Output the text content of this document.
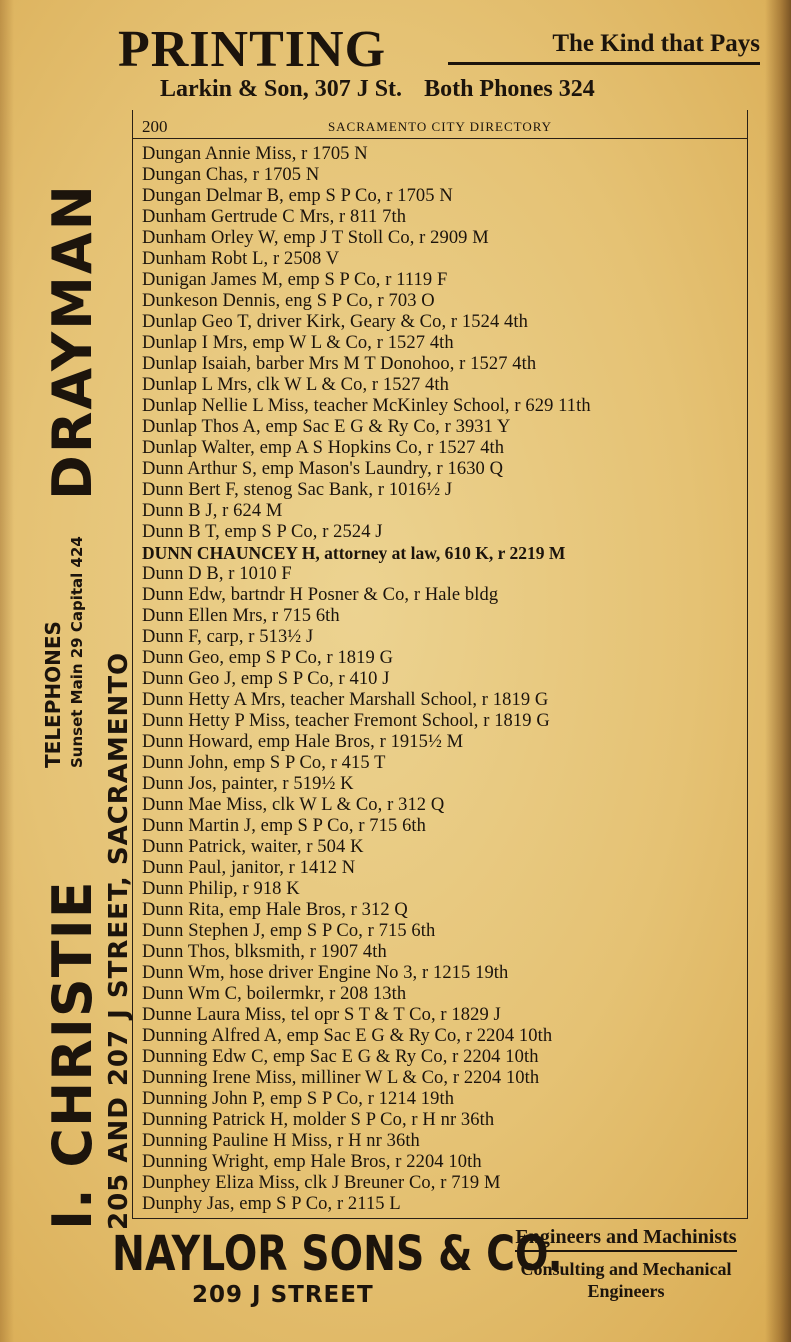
PRINTING	The Kind that Pays
Larkin & Son, 307 J St. Both Phones 324
200	SACRAMENTO CITY DIRECTORY
Dungan Annie Miss, r 1705 N
Dungan Chas, r 1705 N
Dungan Delmar B, emp S P Co, r 1705 N
Dunham Gertrude C Mrs, r 811 7th
Dunham Orley W, emp J T Stoll Co, r 2909 M
Dunham Robt L, r 2508 V
Dunigan James M, emp S P Co, r 1119 F
Dunkeson Dennis, eng S P Co, r 703 O
Dunlap Geo T, driver Kirk, Geary & Co, r 1524 4th
Dunlap I Mrs, emp W L & Co, r 1527 4th
Dunlap Isaiah, barber Mrs M T Donohoo, r 1527 4th
Dunlap L Mrs, clk W L & Co, r 1527 4th
Dunlap Nellie L Miss, teacher McKinley School, r 629 11th
Dunlap Thos A, emp Sac E G & Ry Co, r 3931 Y
Dunlap Walter, emp A S Hopkins Co, r 1527 4th
Dunn Arthur S, emp Mason's Laundry, r 1630 Q
Dunn Bert F, stenog Sac Bank, r 1016½ J
Dunn B J, r 624 M
Dunn B T, emp S P Co, r 2524 J
DUNN CHAUNCEY H, attorney at law, 610 K, r 2219 M
Dunn D B, r 1010 F
Dunn Edw, bartndr H Posner & Co, r Hale bldg
Dunn Ellen Mrs, r 715 6th
Dunn F, carp, r 513½ J
Dunn Geo, emp S P Co, r 1819 G
Dunn Geo J, emp S P Co, r 410 J
Dunn Hetty A Mrs, teacher Marshall School, r 1819 G
Dunn Hetty P Miss, teacher Fremont School, r 1819 G
Dunn Howard, emp Hale Bros, r 1915½ M
Dunn John, emp S P Co, r 415 T
Dunn Jos, painter, r 519½ K
Dunn Mae Miss, clk W L & Co, r 312 Q
Dunn Martin J, emp S P Co, r 715 6th
Dunn Patrick, waiter, r 504 K
Dunn Paul, janitor, r 1412 N
Dunn Philip, r 918 K
Dunn Rita, emp Hale Bros, r 312 Q
Dunn Stephen J, emp S P Co, r 715 6th
Dunn Thos, blksmith, r 1907 4th
Dunn Wm, hose driver Engine No 3, r 1215 19th
Dunn Wm C, boilermkr, r 208 13th
Dunne Laura Miss, tel opr S T & T Co, r 1829 J
Dunning Alfred A, emp Sac E G & Ry Co, r 2204 10th
Dunning Edw C, emp Sac E G & Ry Co, r 2204 10th
Dunning Irene Miss, milliner W L & Co, r 2204 10th
Dunning John P, emp S P Co, r 1214 19th
Dunning Patrick H, molder S P Co, r H nr 36th
Dunning Pauline H Miss, r H nr 36th
Dunning Wright, emp Hale Bros, r 2204 10th
Dunphey Eliza Miss, clk J Breuner Co, r 719 M
Dunphy Jas, emp S P Co, r 2115 L
I. CHRISTIE
TELEPHONES Sunset Main 29 Capital 424
DRAYMAN
205 AND 207 J STREET, SACRAMENTO
NAYLOR SONS & CO.
209 J STREET
Engineers and Machinists
Consulting and Mechanical
Engineers
